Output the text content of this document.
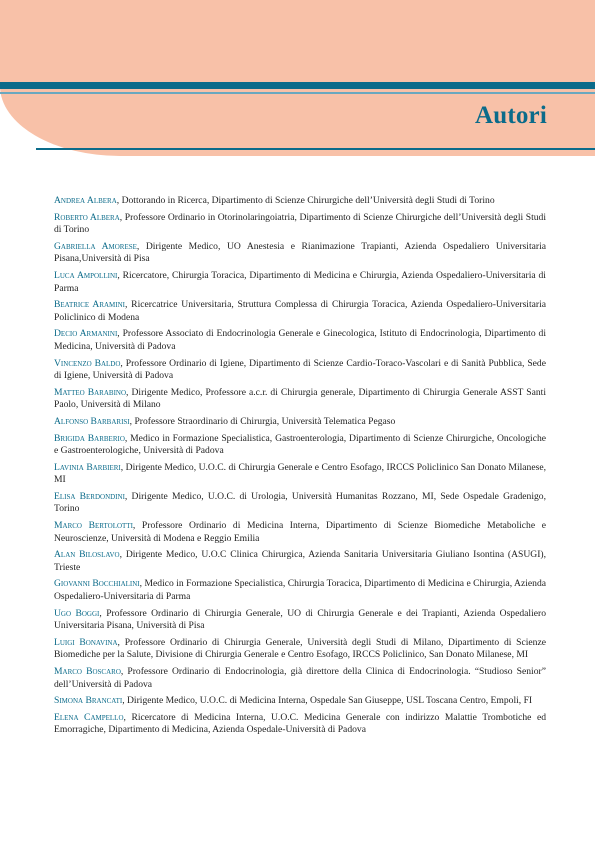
Autori
Andrea Albera, Dottorando in Ricerca, Dipartimento di Scienze Chirurgiche dell’Università degli Studi di Torino
Roberto Albera, Professore Ordinario in Otorinolaringoiatria, Dipartimento di Scienze Chirurgiche dell’Università degli Studi di Torino
Gabriella Amorese, Dirigente Medico, UO Anestesia e Rianimazione Trapianti, Azienda Ospedaliero Universitaria Pisana,Università di Pisa
Luca Ampollini, Ricercatore, Chirurgia Toracica, Dipartimento di Medicina e Chirurgia, Azienda Ospedaliero-Universitaria di Parma
Beatrice Aramini, Ricercatrice Universitaria, Struttura Complessa di Chirurgia Toracica, Azienda Ospedaliero-Universitaria Policlinico di Modena
Decio Armanini, Professore Associato di Endocrinologia Generale e Ginecologica, Istituto di Endocrinologia, Dipartimento di Medicina, Università di Padova
Vincenzo Baldo, Professore Ordinario di Igiene, Dipartimento di Scienze Cardio-Toraco-Vascolari e di Sanità Pubblica, Sede di Igiene, Università di Padova
Matteo Barabino, Dirigente Medico, Professore a.c.r. di Chirurgia generale, Dipartimento di Chirurgia Generale ASST Santi Paolo, Università di Milano
Alfonso Barbarisi, Professore Straordinario di Chirurgia, Università Telematica Pegaso
Brigida Barberio, Medico in Formazione Specialistica, Gastroenterologia, Dipartimento di Scienze Chirurgiche, Oncologiche e Gastroenterologiche, Università di Padova
Lavinia Barbieri, Dirigente Medico, U.O.C. di Chirurgia Generale e Centro Esofago, IRCCS Policlinico San Donato Milanese, MI
Elisa Berdondini, Dirigente Medico, U.O.C. di Urologia, Università Humanitas Rozzano, MI, Sede Ospedale Gradenigo, Torino
Marco Bertolotti, Professore Ordinario di Medicina Interna, Dipartimento di Scienze Biomediche Metaboliche e Neuroscienze, Università di Modena e Reggio Emilia
Alan Biloslavo, Dirigente Medico, U.O.C Clinica Chirurgica, Azienda Sanitaria Universitaria Giuliano Isontina (ASUGI), Trieste
Giovanni Bocchialini, Medico in Formazione Specialistica, Chirurgia Toracica, Dipartimento di Medicina e Chirurgia, Azienda Ospedaliero-Universitaria di Parma
Ugo Boggi, Professore Ordinario di Chirurgia Generale, UO di Chirurgia Generale e dei Trapianti, Azienda Ospedaliero Universitaria Pisana, Università di Pisa
Luigi Bonavina, Professore Ordinario di Chirurgia Generale, Università degli Studi di Milano, Dipartimento di Scienze Biomediche per la Salute, Divisione di Chirurgia Generale e Centro Esofago, IRCCS Policlinico, San Donato Milanese, MI
Marco Boscaro, Professore Ordinario di Endocrinologia, già direttore della Clinica di Endocrinologia. “Studioso Senior” dell’Università di Padova
Simona Brancati, Dirigente Medico, U.O.C. di Medicina Interna, Ospedale San Giuseppe, USL Toscana Centro, Empoli, FI
Elena Campello, Ricercatore di Medicina Interna, U.O.C. Medicina Generale con indirizzo Malattie Trombotiche ed Emorragiche, Dipartimento di Medicina, Azienda Ospedale-Università di Padova
